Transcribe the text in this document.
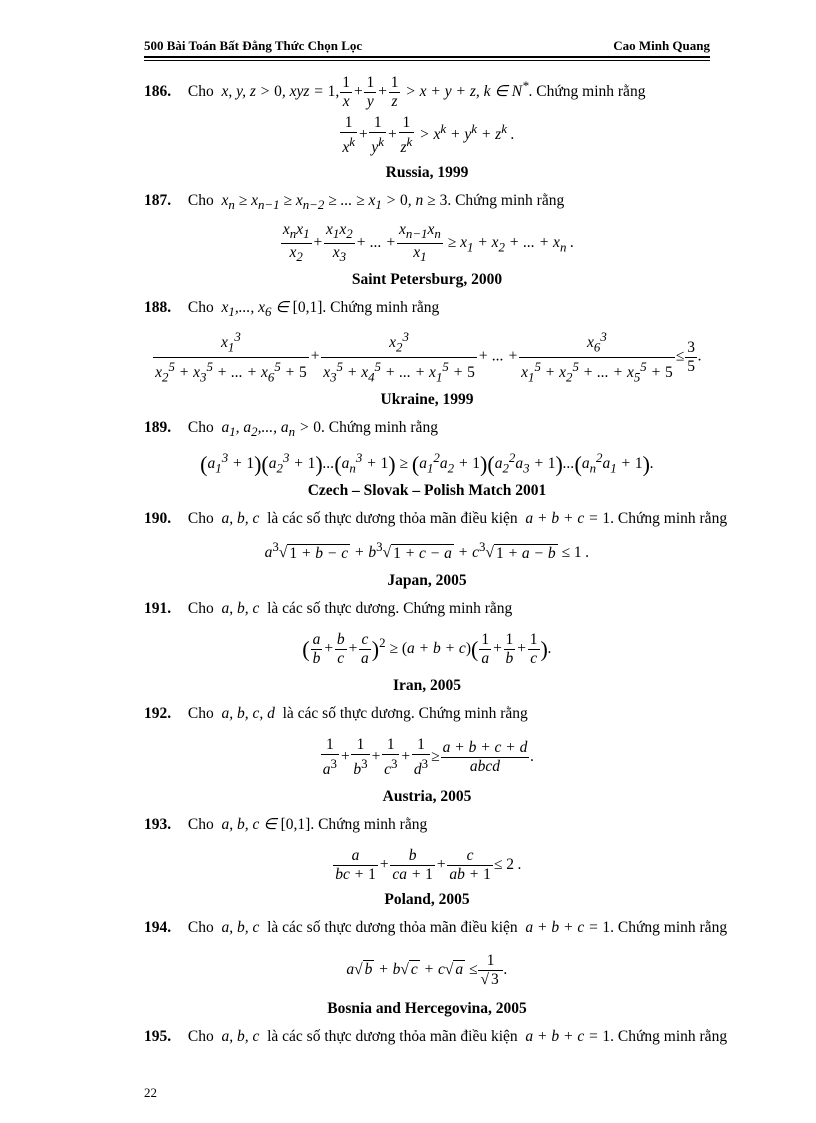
500 Bài Toán Bất Đẳng Thức Chọn Lọc	Cao Minh Quang
186. Cho  x, y, z > 0, xyz = 1, $\frac{1}{x} + \frac{1}{y} + \frac{1}{z} > x + y + z$, k ∈ N*. Chứng minh rằng
$\frac{1}{x^k} + \frac{1}{y^k} + \frac{1}{z^k} > x^k + y^k + z^k$ .
Russia, 1999
187. Cho  $x_n \ge x_{n-1} \ge x_{n-2}$ ≥ ... ≥ $x_1 > 0$, n ≥ 3. Chứng minh rằng
$\frac{x_nx_1}{x_2} + \frac{x_1x_2}{x_3}$ + ... + $\frac{x_{n-1}x_n}{x_1} \ge x_1 + x_2$ + ... + $x_n$ .
Saint Petersburg, 2000
188. Cho  $x_1$,..., $x_6$ ∈ [0,1]. Chứng minh rằng
$\frac{x_1^3}{x_2^5 + x_3^5 + ... + x_6^5 + 5} + \frac{x_2^3}{x_3^5 + x_4^5 + ... + x_1^5 + 5}$ + ... + $\frac{x_6^3}{x_1^5 + x_2^5 + ... + x_5^5 + 5} \le \frac{3}{5}$ .
Ukraine, 1999
189. Cho  $a_1$, $a_2$,..., $a_n > 0$. Chứng minh rằng
$(a_1^3 + 1)(a_2^3 + 1)...(a_n^3 + 1) \ge (a_1^2a_2 + 1)(a_2^2a_3 + 1)...(a_n^2a_1 + 1)$.
Czech – Slovak – Polish Match 2001
190. Cho  a, b, c  là các số thực dương thỏa mãn điều kiện  a + b + c = 1. Chứng minh rằng
$a^3√$ $1 + b - c + b^3√$ $1 + c - a + c^3√$ 1 + a − b ≤ 1 .
Japan, 2005
191. Cho  a, b, c  là các số thực dương. Chứng minh rằng
( $\frac{a}{b} + \frac{b}{c} + \frac{c}{a} )^2 \ge (a + b + c)( \frac{1}{a} + \frac{1}{b} + \frac{1}{c}$ ).
Iran, 2005
192. Cho  a, b, c, d  là các số thực dương. Chứng minh rằng
$\frac{1}{a^3} + \frac{1}{b^3} + \frac{1}{c^3} + \frac{1}{d^3} \ge \frac{a + b + c + d}{\text{abcd}}$ .
Austria, 2005
193. Cho  a, b, c ∈ [0,1]. Chứng minh rằng
$\frac{a}{bc + 1} + \frac{b}{ca + 1} + \frac{c}{ab + 1} \le 2$ .
Poland, 2005
194. Cho  a, b, c  là các số thực dương thỏa mãn điều kiện  a + b + c = 1. Chứng minh rằng
a√ b + b√ c + c√ $a \le \frac{1}{√ 3}$ .
Bosnia and Hercegovina, 2005
195. Cho  a, b, c  là các số thực dương thỏa mãn điều kiện  a + b + c = 1. Chứng minh rằng
22
